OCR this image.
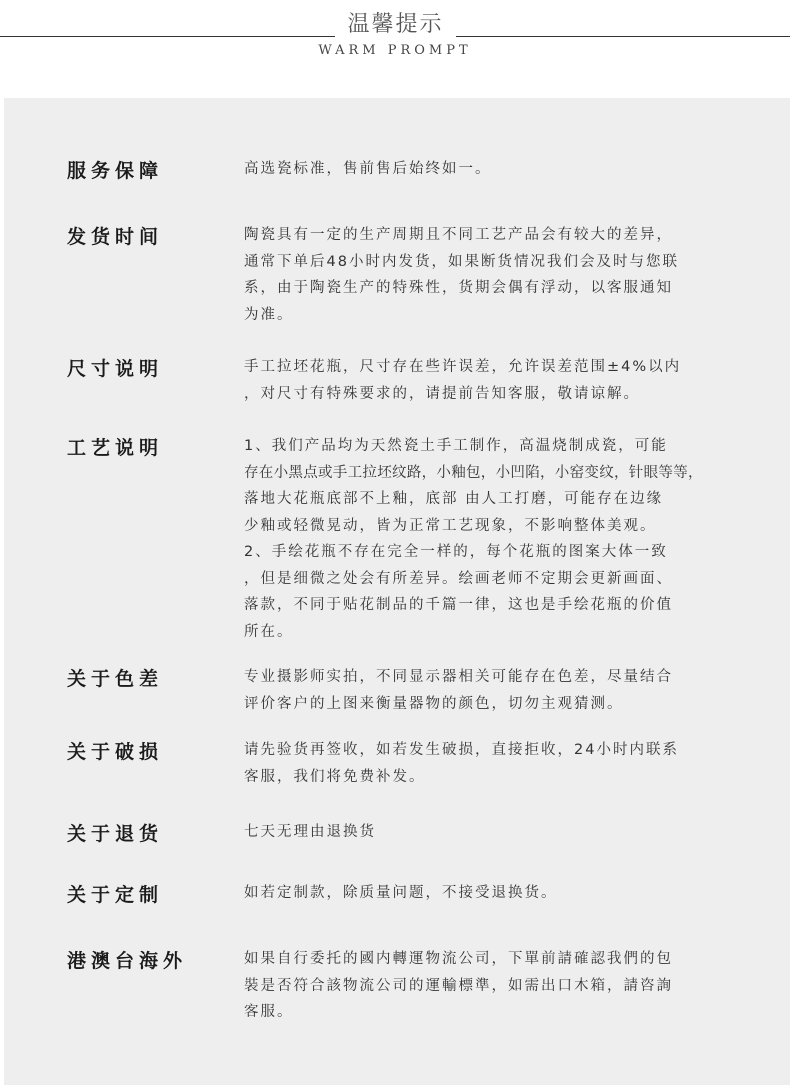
温馨提示
WARM PROMPT
服务保障	高选瓷标准，售前售后始终如一。
发货时间	陶瓷具有一定的生产周期且不同工艺产品会有较大的差异，
通常下单后48小时内发货，如果断货情况我们会及时与您联
系，由于陶瓷生产的特殊性，货期会偶有浮动，以客服通知
为准。
尺寸说明	手工拉坯花瓶，尺寸存在些许误差，允许误差范围±4%以内
，对尺寸有特殊要求的，请提前告知客服，敬请谅解。
工艺说明	1、我们产品均为天然瓷土手工制作，高温烧制成瓷，可能
存在小黑点或手工拉坯纹路，小釉包，小凹陷，小窑变纹，针眼等等，
落地大花瓶底部不上釉，底部 由人工打磨，可能存在边缘
少釉或轻微晃动，皆为正常工艺现象，不影响整体美观。
2、手绘花瓶不存在完全一样的，每个花瓶的图案大体一致
，但是细微之处会有所差异。绘画老师不定期会更新画面、
落款，不同于贴花制品的千篇一律，这也是手绘花瓶的价值
所在。
关于色差	专业摄影师实拍，不同显示器相关可能存在色差，尽量结合
评价客户的上图来衡量器物的颜色，切勿主观猜测。
关于破损	请先验货再签收，如若发生破损，直接拒收，24小时内联系
客服，我们将免费补发。
关于退货	七天无理由退换货
关于定制	如若定制款，除质量问题，不接受退换货。
港澳台海外	如果自行委托的國内轉運物流公司，下單前請確認我們的包
裝是否符合該物流公司的運輸標準，如需出口木箱，請咨詢
客服。
